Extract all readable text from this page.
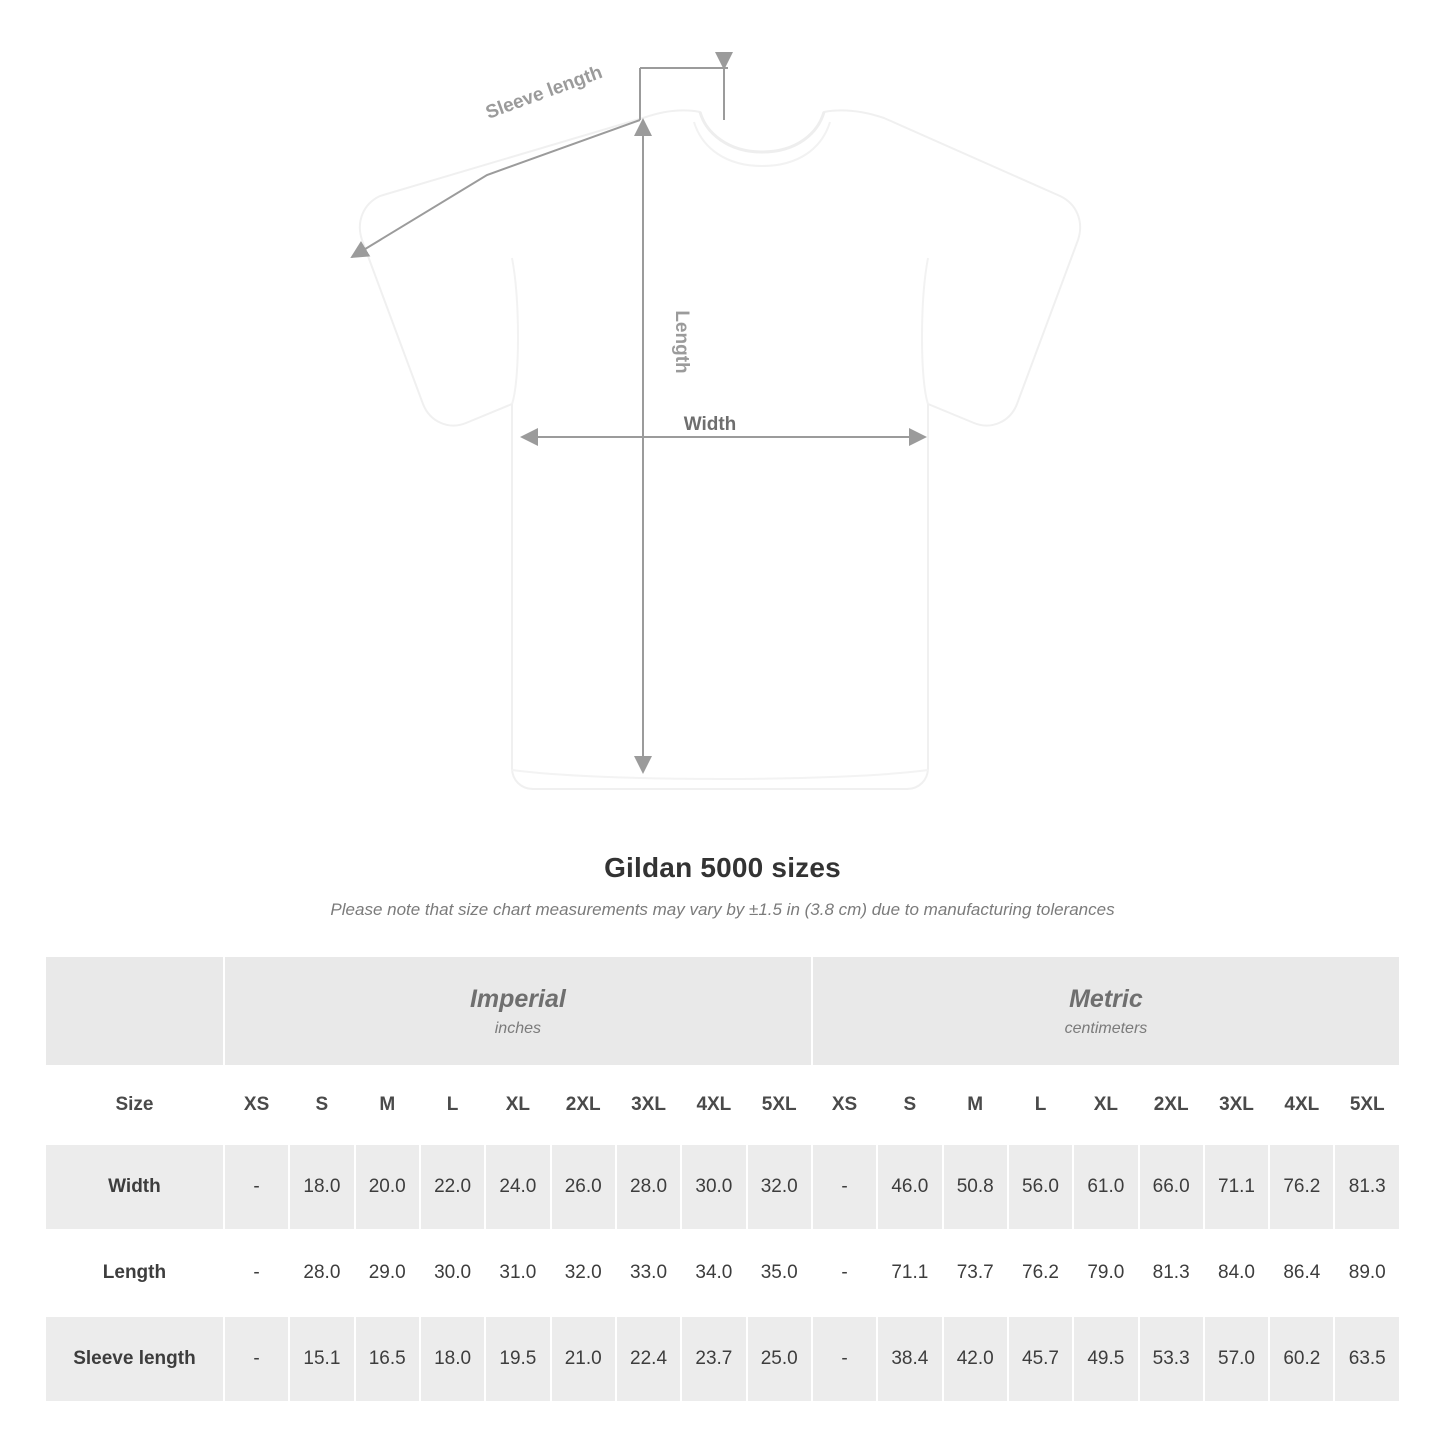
Sleeve length
Length
Width
Gildan 5000 sizes

Please note that size chart measurements may vary by ±1.5 in (3.8 cm) due to manufacturing tolerances

Imperial
inches

Metric
centimeters

Size	XS	S	M	L	XL	2XL	3XL	4XL	5XL	XS	S	M	L	XL	2XL	3XL	4XL	5XL
Width	-	18.0	20.0	22.0	24.0	26.0	28.0	30.0	32.0	-	46.0	50.8	56.0	61.0	66.0	71.1	76.2	81.3
Length	-	28.0	29.0	30.0	31.0	32.0	33.0	34.0	35.0	-	71.1	73.7	76.2	79.0	81.3	84.0	86.4	89.0
Sleeve length	-	15.1	16.5	18.0	19.5	21.0	22.4	23.7	25.0	-	38.4	42.0	45.7	49.5	53.3	57.0	60.2	63.5
